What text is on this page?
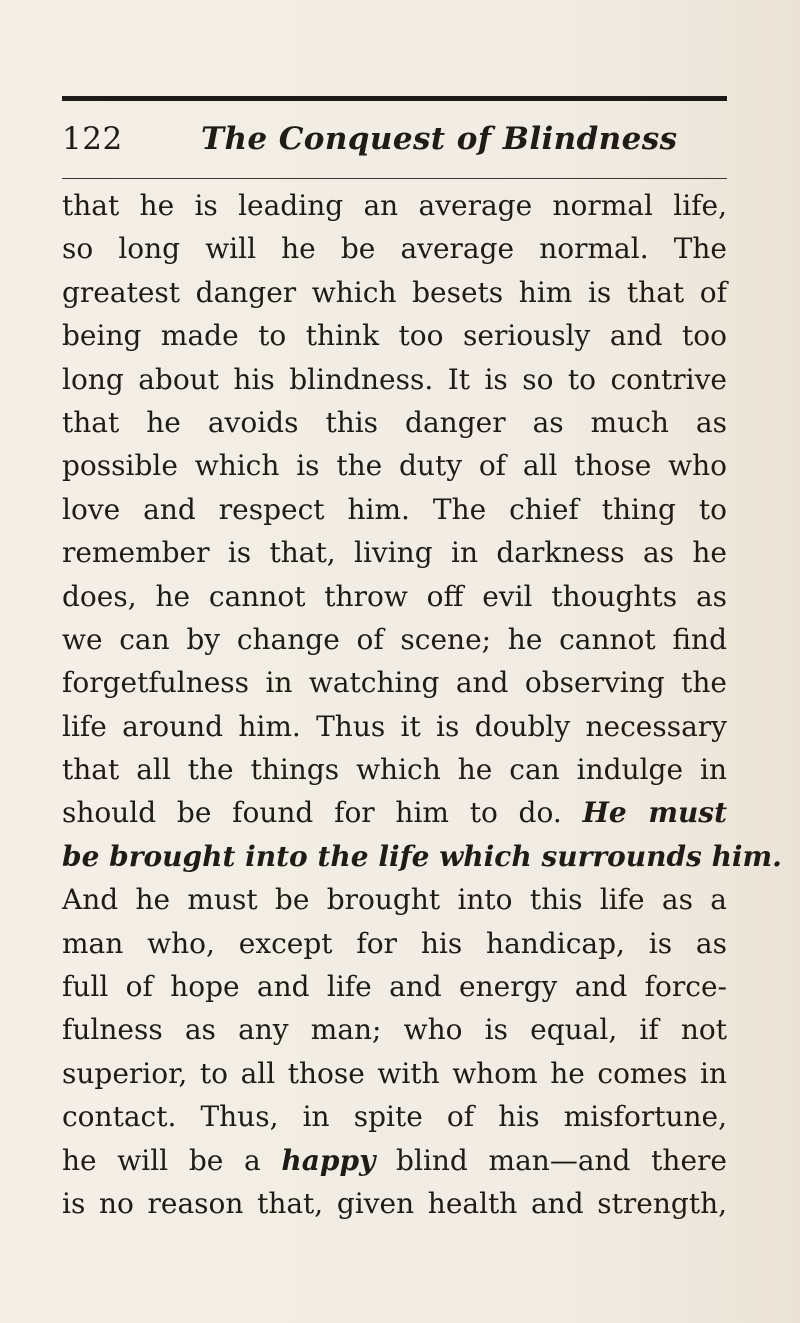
122	The Conquest of Blindness
that he is leading an average normal life,
so long will he be average normal. The
greatest danger which besets him is that of
being made to think too seriously and too
long about his blindness. It is so to contrive
that he avoids this danger as much as
possible which is the duty of all those who
love and respect him. The chief thing to
remember is that, living in darkness as he
does, he cannot throw off evil thoughts as
we can by change of scene; he cannot find
forgetfulness in watching and observing the
life around him. Thus it is doubly necessary
that all the things which he can indulge in
should be found for him to do. He must
be brought into the life which surrounds him.
And he must be brought into this life as a
man who, except for his handicap, is as
full of hope and life and energy and force-
fulness as any man; who is equal, if not
superior, to all those with whom he comes in
contact. Thus, in spite of his misfortune,
he will be a happy blind man—and there
is no reason that, given health and strength,
